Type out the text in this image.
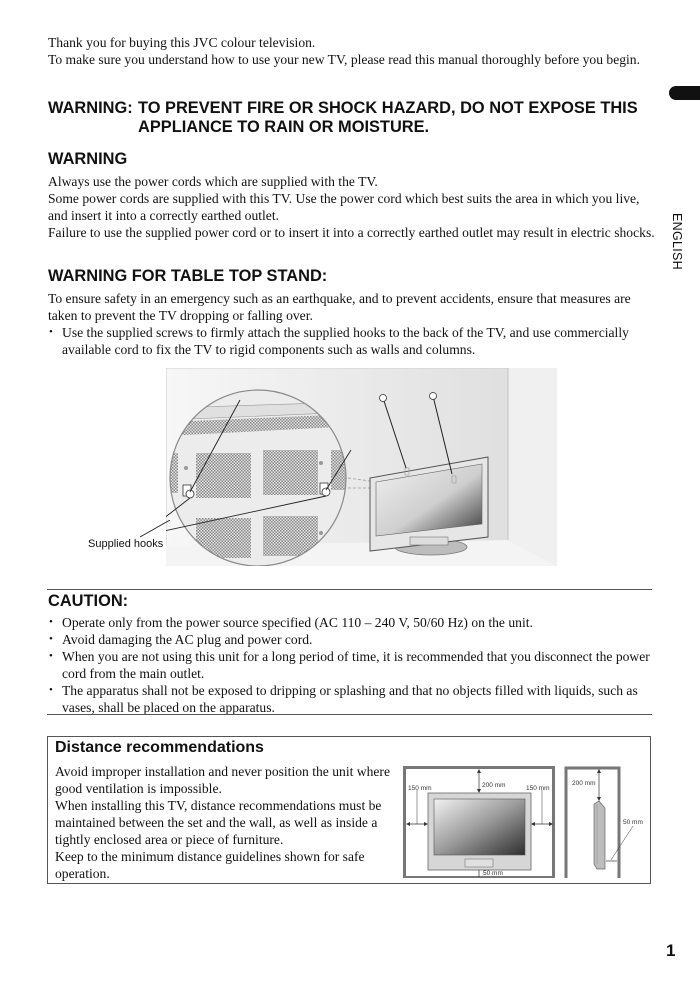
Thank you for buying this JVC colour television.

To make sure you understand how to use your new TV, please read this manual thoroughly before you begin.

WARNING: TO PREVENT FIRE OR SHOCK HAZARD, DO NOT EXPOSE THIS
APPLIANCE TO RAIN OR MOISTURE.
WARNING

Always use the power cords which are supplied with the TV.

Some power cords are supplied with this TV. Use the power cord which best suits the area in which you live, and insert it into a correctly earthed outlet.

Failure to use the supplied power cord or to insert it into a correctly earthed outlet may result in electric shocks.

WARNING FOR TABLE TOP STAND:

To ensure safety in an emergency such as an earthquake, and to prevent accidents, ensure that measures are taken to prevent the TV dropping or falling over.

• Use the supplied screws to firmly attach the supplied hooks to the back of the TV, and use commercially available cord to fix the TV to rigid components such as walls and columns.
Supplied hooks
CAUTION:
• Operate only from the power source specified (AC 110 – 240 V, 50/60 Hz) on the unit.
• Avoid damaging the AC plug and power cord.
• When you are not using this unit for a long period of time, it is recommended that you disconnect the power cord from the main outlet.
• The apparatus shall not be exposed to dripping or splashing and that no objects filled with liquids, such as vases, shall be placed on the apparatus.
Distance recommendations

Avoid improper installation and never position the unit where good ventilation is impossible.

When installing this TV, distance recommendations must be maintained between the set and the wall, as well as inside a tightly enclosed area or piece of furniture.

Keep to the minimum distance guidelines shown for safe operation.

150 mm	200 mm	150 mm
50 mm
200 mm
50 mm
ENGLISH
1
